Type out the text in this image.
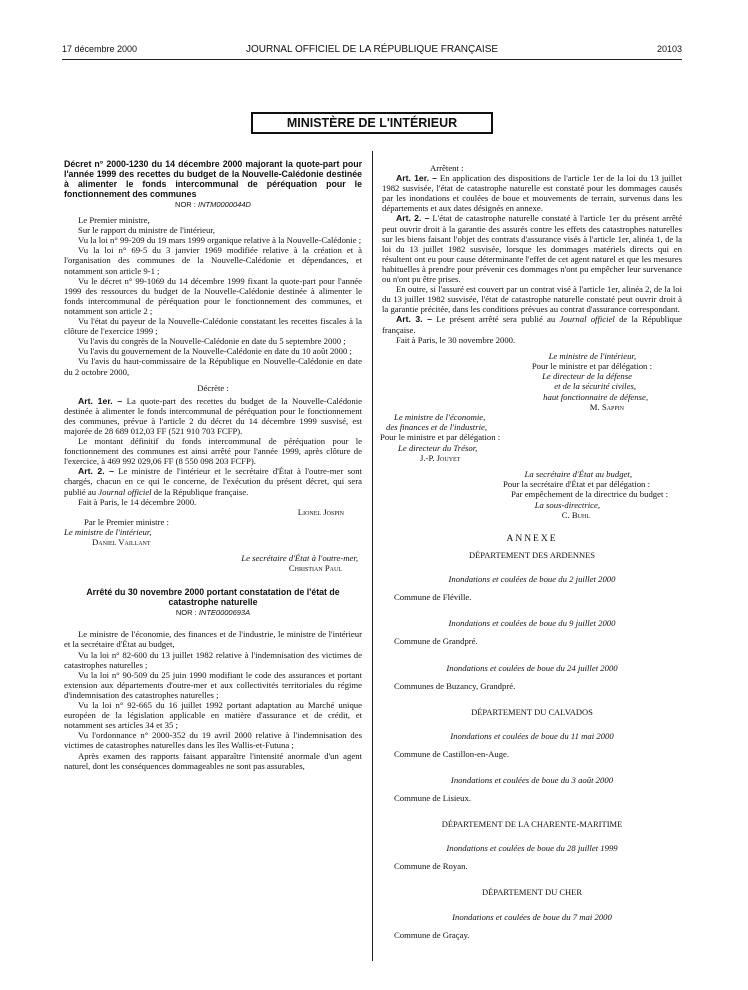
17 décembre 2000	JOURNAL OFFICIEL DE LA RÉPUBLIQUE FRANÇAISE	20103
MINISTÈRE DE L'INTÉRIEUR

Décret n° 2000-1230 du 14 décembre 2000 majorant la quote-part pour l'année 1999 des recettes du budget de la Nouvelle-Calédonie destinée à alimenter le fonds intercommunal de péréquation pour le fonctionnement des communes

NOR : INTM0000044D

Le Premier ministre,

Sur le rapport du ministre de l'intérieur,

Vu la loi n° 99-209 du 19 mars 1999 organique relative à la Nouvelle-Calédonie ;

Vu la loi n° 69-5 du 3 janvier 1969 modifiée relative à la création et à l'organisation des communes de la Nouvelle-Calédonie et dépendances, et notamment son article 9-1 ;

Vu le décret n° 99-1069 du 14 décembre 1999 fixant la quote-part pour l'année 1999 des ressources du budget de la Nouvelle-Calédonie destinée à alimenter le fonds intercommunal de péréquation pour le fonctionnement des communes, et notamment son article 2 ;

Vu l'état du payeur de la Nouvelle-Calédonie constatant les recettes fiscales à la clôture de l'exercice 1999 ;

Vu l'avis du congrès de la Nouvelle-Calédonie en date du 5 septembre 2000 ;

Vu l'avis du gouvernement de la Nouvelle-Calédonie en date du 10 août 2000 ;

Vu l'avis du haut-commissaire de la République en Nouvelle-Calédonie en date du 2 octobre 2000,

Décrète :

Art. 1er. – La quote-part des recettes du budget de la Nouvelle-Calédonie destinée à alimenter le fonds intercommunal de péréquation pour le fonctionnement des communes, prévue à l'article 2 du décret du 14 décembre 1999 susvisé, est majorée de 28 689 012,03 FF (521 910 703 FCFP).

Le montant définitif du fonds intercommunal de péréquation pour le fonctionnement des communes est ainsi arrêté pour l'année 1999, après clôture de l'exercice, à 469 992 029,06 FF (8 550 098 203 FCFP).

Art. 2. – Le ministre de l'intérieur et le secrétaire d'État à l'outre-mer sont chargés, chacun en ce qui le concerne, de l'exécution du présent décret, qui sera publié au Journal officiel de la République française.

Fait à Paris, le 14 décembre 2000.

Lionel Jospin

Par le Premier ministre :

Le ministre de l'intérieur,

Daniel Vaillant

Le secrétaire d'État à l'outre-mer,

Christian Paul

Arrêté du 30 novembre 2000 portant constatation de l'état de catastrophe naturelle

NOR : INTE0000693A

Le ministre de l'économie, des finances et de l'industrie, le ministre de l'intérieur et la secrétaire d'État au budget,

Vu la loi n° 82-600 du 13 juillet 1982 relative à l'indemnisation des victimes de catastrophes naturelles ;

Vu la loi n° 90-509 du 25 juin 1990 modifiant le code des assurances et portant extension aux départements d'outre-mer et aux collectivités territoriales du régime d'indemnisation des catastrophes naturelles ;

Vu la loi n° 92-665 du 16 juillet 1992 portant adaptation au Marché unique européen de la législation applicable en matière d'assurance et de crédit, et notamment ses articles 34 et 35 ;

Vu l'ordonnance n° 2000-352 du 19 avril 2000 relative à l'indemnisation des victimes de catastrophes naturelles dans les îles Wallis-et-Futuna ;

Après examen des rapports faisant apparaître l'intensité anormale d'un agent naturel, dont les conséquences dommageables ne sont pas assurables,

Arrêtent :

Art. 1er. – En application des dispositions de l'article 1er de la loi du 13 juillet 1982 susvisée, l'état de catastrophe naturelle est constaté pour les dommages causés par les inondations et coulées de boue et mouvements de terrain, survenus dans les départements et aux dates désignés en annexe.

Art. 2. – L'état de catastrophe naturelle constaté à l'article 1er du présent arrêté peut ouvrir droit à la garantie des assurés contre les effets des catastrophes naturelles sur les biens faisant l'objet des contrats d'assurance visés à l'article 1er, alinéa 1, de la loi du 13 juillet 1982 susvisée, lorsque les dommages matériels directs qui en résultent ont eu pour cause déterminante l'effet de cet agent naturel et que les mesures habituelles à prendre pour prévenir ces dommages n'ont pu empêcher leur survenance ou n'ont pu être prises.

En outre, si l'assuré est couvert par un contrat visé à l'article 1er, alinéa 2, de la loi du 13 juillet 1982 susvisée, l'état de catastrophe naturelle constaté peut ouvrir droit à la garantie précitée, dans les conditions prévues au contrat d'assurance correspondant.

Art. 3. – Le présent arrêté sera publié au Journal officiel de la République française.

Fait à Paris, le 30 novembre 2000.

Le ministre de l'intérieur,

Pour le ministre et par délégation :

Le directeur de la défense

et de la sécurité civiles,

haut fonctionnaire de défense,

M. Sappin

Le ministre de l'économie,

des finances et de l'industrie,

Pour le ministre et par délégation :

Le directeur du Trésor,

J.-P. Jouyet

La secrétaire d'État au budget,

Pour la secrétaire d'État et par délégation :

Par empêchement de la directrice du budget :

La sous-directrice,

C. Buhl

ANNEXE

DÉPARTEMENT DES ARDENNES

Inondations et coulées de boue du 2 juillet 2000

Commune de Fléville.

Inondations et coulées de boue du 9 juillet 2000

Commune de Grandpré.

Inondations et coulées de boue du 24 juillet 2000

Communes de Buzancy, Grandpré.

DÉPARTEMENT DU CALVADOS

Inondations et coulées de boue du 11 mai 2000

Commune de Castillon-en-Auge.

Inondations et coulées de boue du 3 août 2000

Commune de Lisieux.

DÉPARTEMENT DE LA CHARENTE-MARITIME

Inondations et coulées de boue du 28 juillet 1999

Commune de Royan.

DÉPARTEMENT DU CHER

Inondations et coulées de boue du 7 mai 2000

Commune de Graçay.
